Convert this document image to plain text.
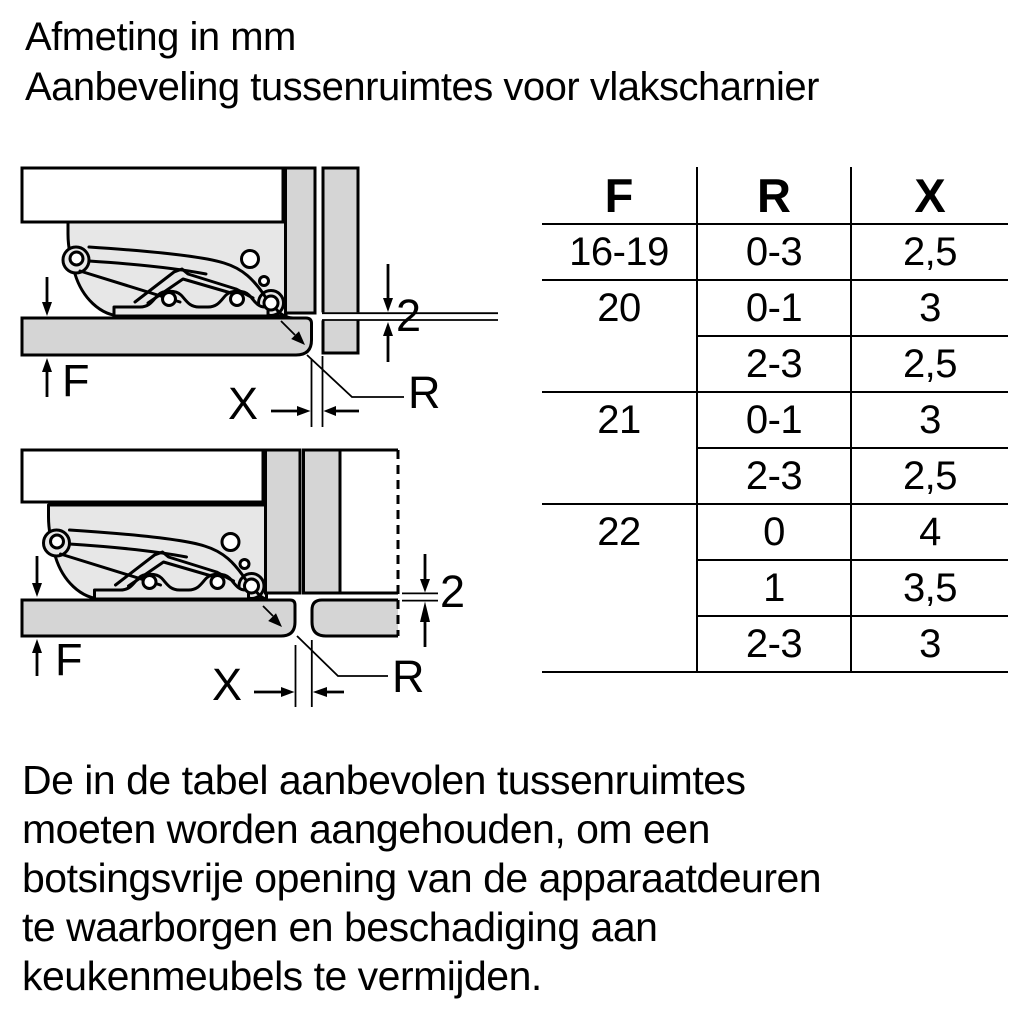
Afmeting in mm
Aanbeveling tussenruimtes voor vlakscharnier
F	X	R
2
F	X	R
2
F	R	X
16-19	0-3	2,5
20	0-1	3
	2-3	2,5
21	0-1	3
	2-3	2,5
22	0	4
	1	3,5
	2-3	3
De in de tabel aanbevolen tussenruimtes
moeten worden aangehouden, om een
botsingsvrije opening van de apparaatdeuren
te waarborgen en beschadiging aan
keukenmeubels te vermijden.
